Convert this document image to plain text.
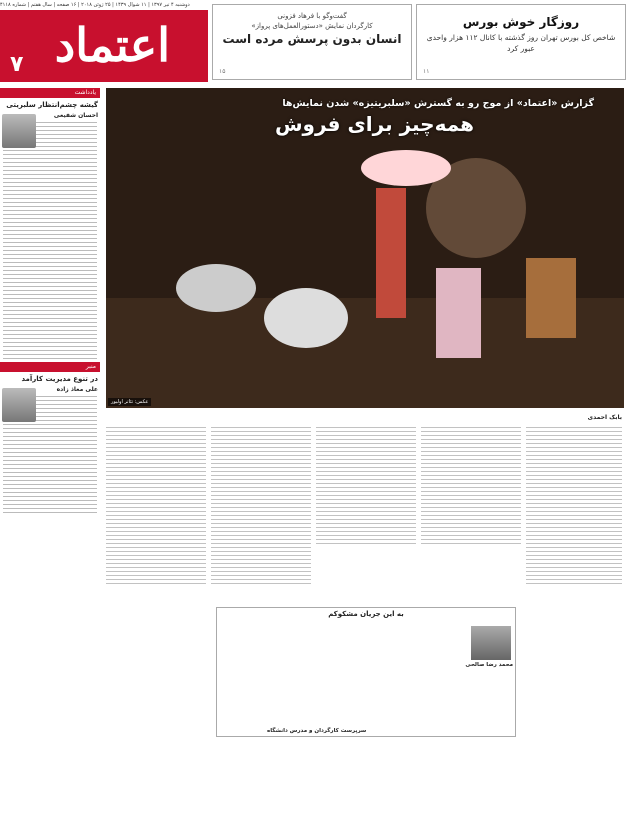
دوشنبه ۴ تیر ۱۳۹۷ | ۱۱ شوال ۱۴۳۹ | ۲۵ ژوئن ۲۰۱۸ | ۱۶ صفحه | سال هفتم | شماره ۴۱۱۸
اعتماد
۷
گفت‌وگو با فرهاد فزونی
کارگردان نمایش «دستورالعمل‌های پرواز»
انسان بدون پرسش مرده است
۱۵
روزگار خوش بورس
شاخص کل بورس تهران روز گذشته با کانال ۱۱۲ هزار واحدی عبور کرد
۱۱
یادداشت
گیشه چشم‌انتظار سلبریتی
احسان شفیعی
منبر
در تنوع مدیریت کارآمد
علی معاذ زاده
گزارش «اعتماد» از موج رو به گسترش «سلبریتیزه» شدن نمایش‌ها
همه‌چیز برای فروش
عکس: تئاتر اولیور
بابک احمدی
به این جریان مشکوکم
محمد رضا صالحی
سرپرست کارگردان و مدرس دانشگاه
